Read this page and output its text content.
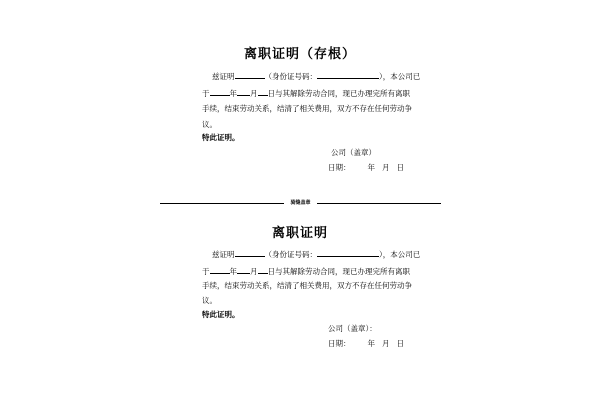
离职证明（存根）
兹证明	（身份证号码：	），本公司已
于	年 月 日与其解除劳动合同，现已办理完所有离职
手续，结束劳动关系，结清了相关费用，双方不存在任何劳动争
议。
特此证明。
公司（盖章）
日期： 年 月 日
骑缝盖章
离职证明
兹证明	（身份证号码：	），本公司已
于	年 月 日与其解除劳动合同，现已办理完所有离职
手续，结束劳动关系，结清了相关费用，双方不存在任何劳动争
议。
特此证明。
公司（盖章）：
日期： 年 月 日
